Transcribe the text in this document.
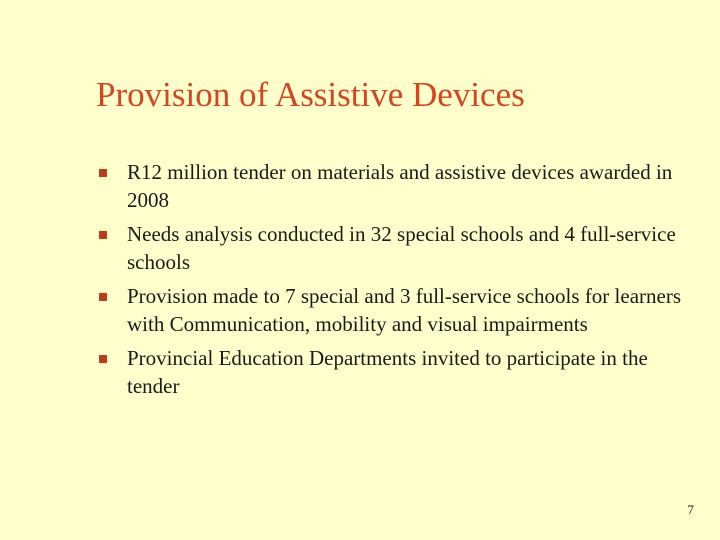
Provision of Assistive Devices
R12 million tender on materials and assistive devices awarded in 2008
Needs analysis conducted in 32 special schools and 4 full-service schools
Provision made to 7 special and 3 full-service schools for learners with Communication, mobility and visual impairments
Provincial Education Departments invited to participate in the tender
7
